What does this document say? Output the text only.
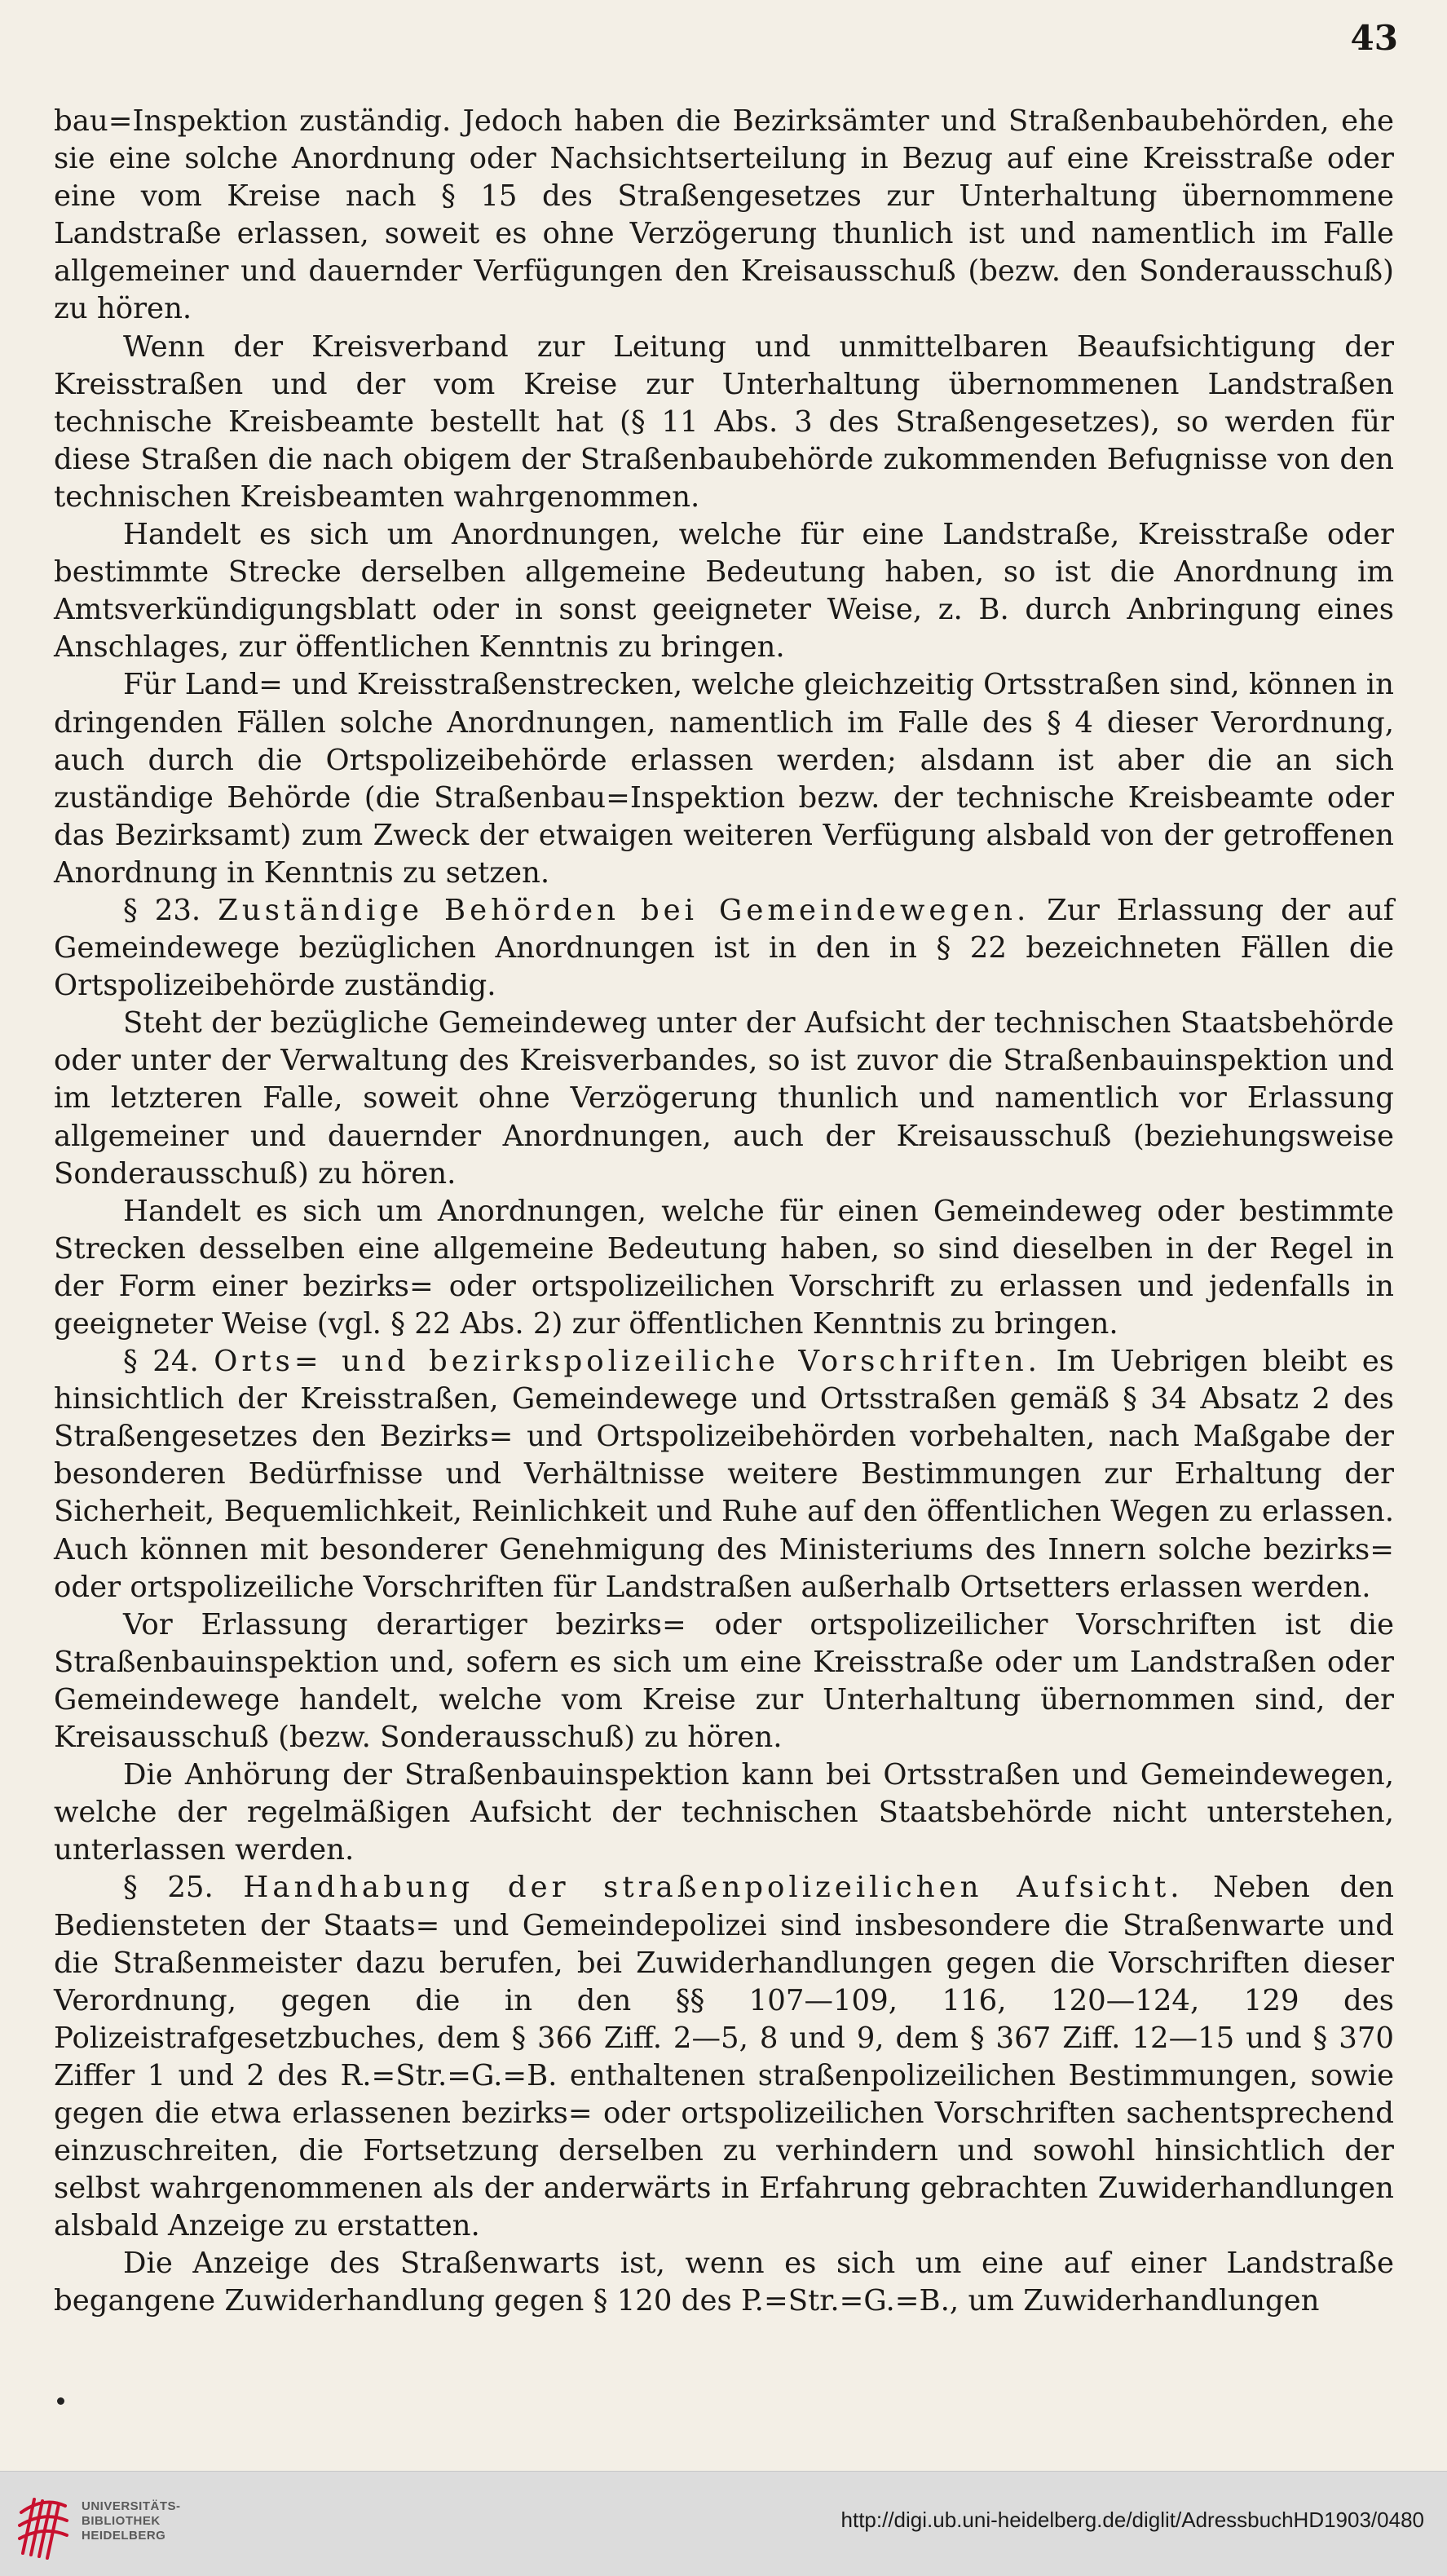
43

bau=Inspektion zuständig. Jedoch haben die Bezirksämter und Straßenbaubehörden, ehe sie eine solche Anordnung oder Nachsichtserteilung in Bezug auf eine Kreisstraße oder eine vom Kreise nach § 15 des Straßengesetzes zur Unterhaltung übernommene Landstraße erlassen, soweit es ohne Verzögerung thunlich ist und namentlich im Falle allgemeiner und dauernder Verfügungen den Kreisausschuß (bezw. den Sonderausschuß) zu hören.

Wenn der Kreisverband zur Leitung und unmittelbaren Beaufsichtigung der Kreisstraßen und der vom Kreise zur Unterhaltung übernommenen Landstraßen technische Kreisbeamte bestellt hat (§ 11 Abs. 3 des Straßengesetzes), so werden für diese Straßen die nach obigem der Straßenbaubehörde zukommenden Befugnisse von den technischen Kreisbeamten wahrgenommen.

Handelt es sich um Anordnungen, welche für eine Landstraße, Kreisstraße oder bestimmte Strecke derselben allgemeine Bedeutung haben, so ist die Anordnung im Amtsverkündigungsblatt oder in sonst geeigneter Weise, z. B. durch Anbringung eines Anschlages, zur öffentlichen Kenntnis zu bringen.

Für Land= und Kreisstraßenstrecken, welche gleichzeitig Ortsstraßen sind, können in dringenden Fällen solche Anordnungen, namentlich im Falle des § 4 dieser Verordnung, auch durch die Ortspolizeibehörde erlassen werden; alsdann ist aber die an sich zuständige Behörde (die Straßenbau=Inspektion bezw. der technische Kreisbeamte oder das Bezirksamt) zum Zweck der etwaigen weiteren Verfügung alsbald von der getroffenen Anordnung in Kenntnis zu setzen.

§ 23. Zuständige Behörden bei Gemeindewegen. Zur Erlassung der auf Gemeindewege bezüglichen Anordnungen ist in den in § 22 bezeichneten Fällen die Ortspolizeibehörde zuständig.

Steht der bezügliche Gemeindeweg unter der Aufsicht der technischen Staatsbehörde oder unter der Verwaltung des Kreisverbandes, so ist zuvor die Straßenbauinspektion und im letzteren Falle, soweit ohne Verzögerung thunlich und namentlich vor Erlassung allgemeiner und dauernder Anordnungen, auch der Kreisausschuß (beziehungsweise Sonderausschuß) zu hören.

Handelt es sich um Anordnungen, welche für einen Gemeindeweg oder bestimmte Strecken desselben eine allgemeine Bedeutung haben, so sind dieselben in der Regel in der Form einer bezirks= oder ortspolizeilichen Vorschrift zu erlassen und jedenfalls in geeigneter Weise (vgl. § 22 Abs. 2) zur öffentlichen Kenntnis zu bringen.

§ 24. Orts= und bezirkspolizeiliche Vorschriften. Im Uebrigen bleibt es hinsichtlich der Kreisstraßen, Gemeindewege und Ortsstraßen gemäß § 34 Absatz 2 des Straßengesetzes den Bezirks= und Ortspolizeibehörden vorbehalten, nach Maßgabe der besonderen Bedürfnisse und Verhältnisse weitere Bestimmungen zur Erhaltung der Sicherheit, Bequemlichkeit, Reinlichkeit und Ruhe auf den öffentlichen Wegen zu erlassen. Auch können mit besonderer Genehmigung des Ministeriums des Innern solche bezirks= oder ortspolizeiliche Vorschriften für Landstraßen außerhalb Ortsetters erlassen werden.

Vor Erlassung derartiger bezirks= oder ortspolizeilicher Vorschriften ist die Straßenbauinspektion und, sofern es sich um eine Kreisstraße oder um Landstraßen oder Gemeindewege handelt, welche vom Kreise zur Unterhaltung übernommen sind, der Kreisausschuß (bezw. Sonderausschuß) zu hören.

Die Anhörung der Straßenbauinspektion kann bei Ortsstraßen und Gemeindewegen, welche der regelmäßigen Aufsicht der technischen Staatsbehörde nicht unterstehen, unterlassen werden.

§ 25. Handhabung der straßenpolizeilichen Aufsicht. Neben den Bediensteten der Staats= und Gemeindepolizei sind insbesondere die Straßenwarte und die Straßenmeister dazu berufen, bei Zuwiderhandlungen gegen die Vorschriften dieser Verordnung, gegen die in den §§ 107—109, 116, 120—124, 129 des Polizeistrafgesetzbuches, dem § 366 Ziff. 2—5, 8 und 9, dem § 367 Ziff. 12—15 und § 370 Ziffer 1 und 2 des R.=Str.=G.=B. enthaltenen straßenpolizeilichen Bestimmungen, sowie gegen die etwa erlassenen bezirks= oder ortspolizeilichen Vorschriften sachentsprechend einzuschreiten, die Fortsetzung derselben zu verhindern und sowohl hinsichtlich der selbst wahrgenommenen als der anderwärts in Erfahrung gebrachten Zuwiderhandlungen alsbald Anzeige zu erstatten.

Die Anzeige des Straßenwarts ist, wenn es sich um eine auf einer Landstraße begangene Zuwiderhandlung gegen § 120 des P.=Str.=G.=B., um Zuwiderhandlungen

UNIVERSITÄTS-
BIBLIOTHEK
HEIDELBERG
http://digi.ub.uni-heidelberg.de/diglit/AdressbuchHD1903/0480
